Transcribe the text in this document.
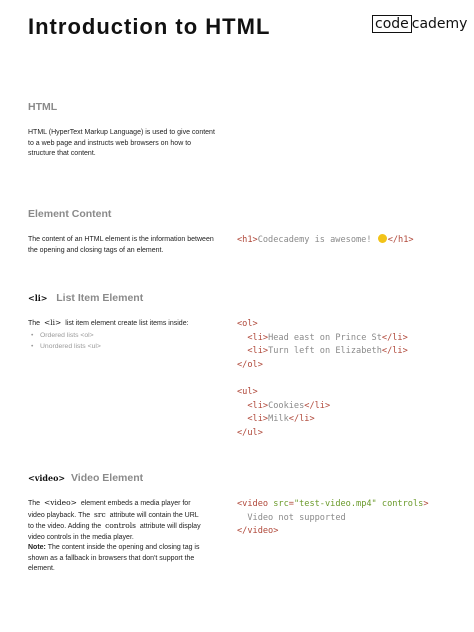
Introduction to HTML	code cademy
HTML
HTML (HyperText Markup Language) is used to give content to a web page and instructs web browsers on how to structure that content.
Element Content
The content of an HTML element is the information between the opening and closing tags of an element.
<h1>Codecademy is awesome! </h1>
<li> List Item Element
The <li> list item element create list items inside:
• Ordered lists <ol>
• Unordered lists <ul>
<ol>
<li>Head east on Prince St</li>
<li>Turn left on Elizabeth</li>
</ol>

<ul>
<li>Cookies</li>
<li>Milk</li>
</ul>
<video> Video Element
The <video> element embeds a media player for
video playback. The src attribute will contain the URL
to the video. Adding the controls attribute will display
video controls in the media player.
Note: The content inside the opening and closing tag is shown as a fallback in browsers that don't support the element.
<video src="test-video.mp4" controls>
Video not supported
</video>
